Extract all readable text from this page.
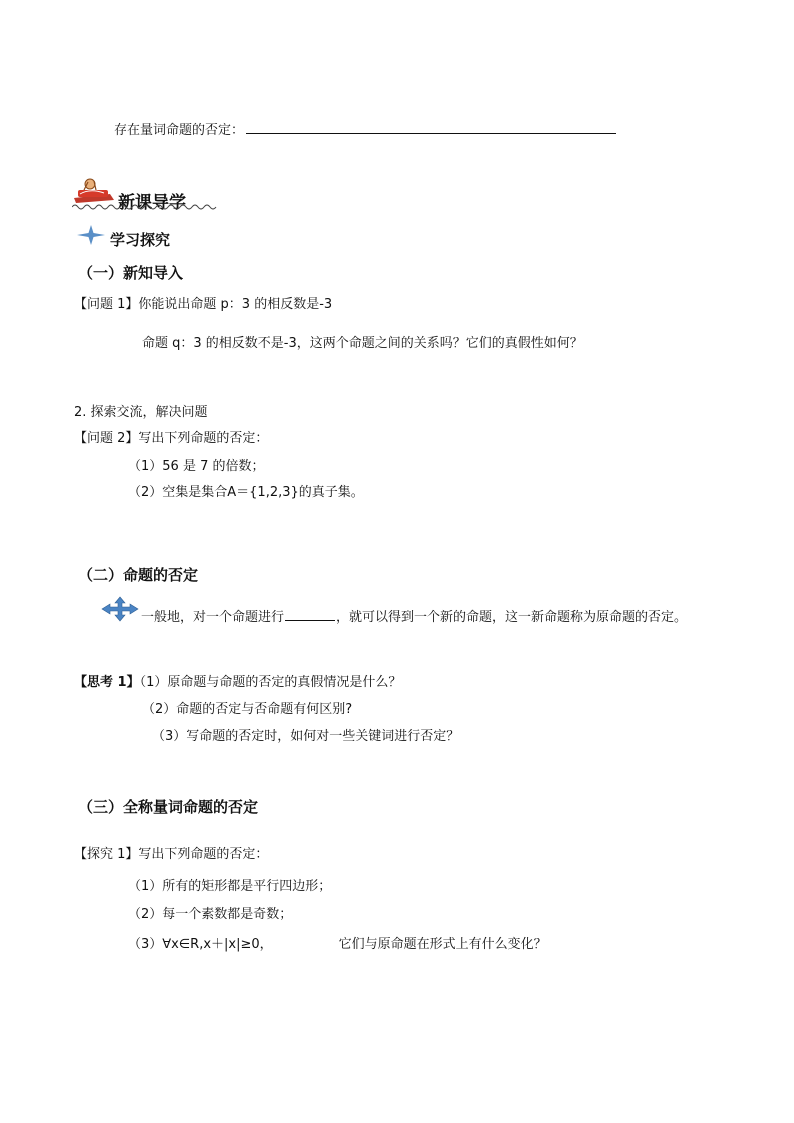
存在量词命题的否定：
新课导学
学习探究
（一）新知导入
【问题 1】你能说出命题 p：3 的相反数是-3
命题 q：3 的相反数不是-3，这两个命题之间的关系吗？它们的真假性如何？
2. 探索交流，解决问题
【问题 2】写出下列命题的否定：
（1）56 是 7 的倍数；
（2）空集是集合A＝{1,2,3}的真子集。
（二）命题的否定
一般地，对一个命题进行	，就可以得到一个新的命题，这一新命题称为原命题的否定。
【思考 1】（1）原命题与命题的否定的真假情况是什么？
（2）命题的否定与否命题有何区别?
（3）写命题的否定时，如何对一些关键词进行否定？
（三）全称量词命题的否定
【探究 1】写出下列命题的否定：
（1）所有的矩形都是平行四边形；
（2）每一个素数都是奇数；
（3）∀x∈R,x＋|x|≥0，	它们与原命题在形式上有什么变化？
